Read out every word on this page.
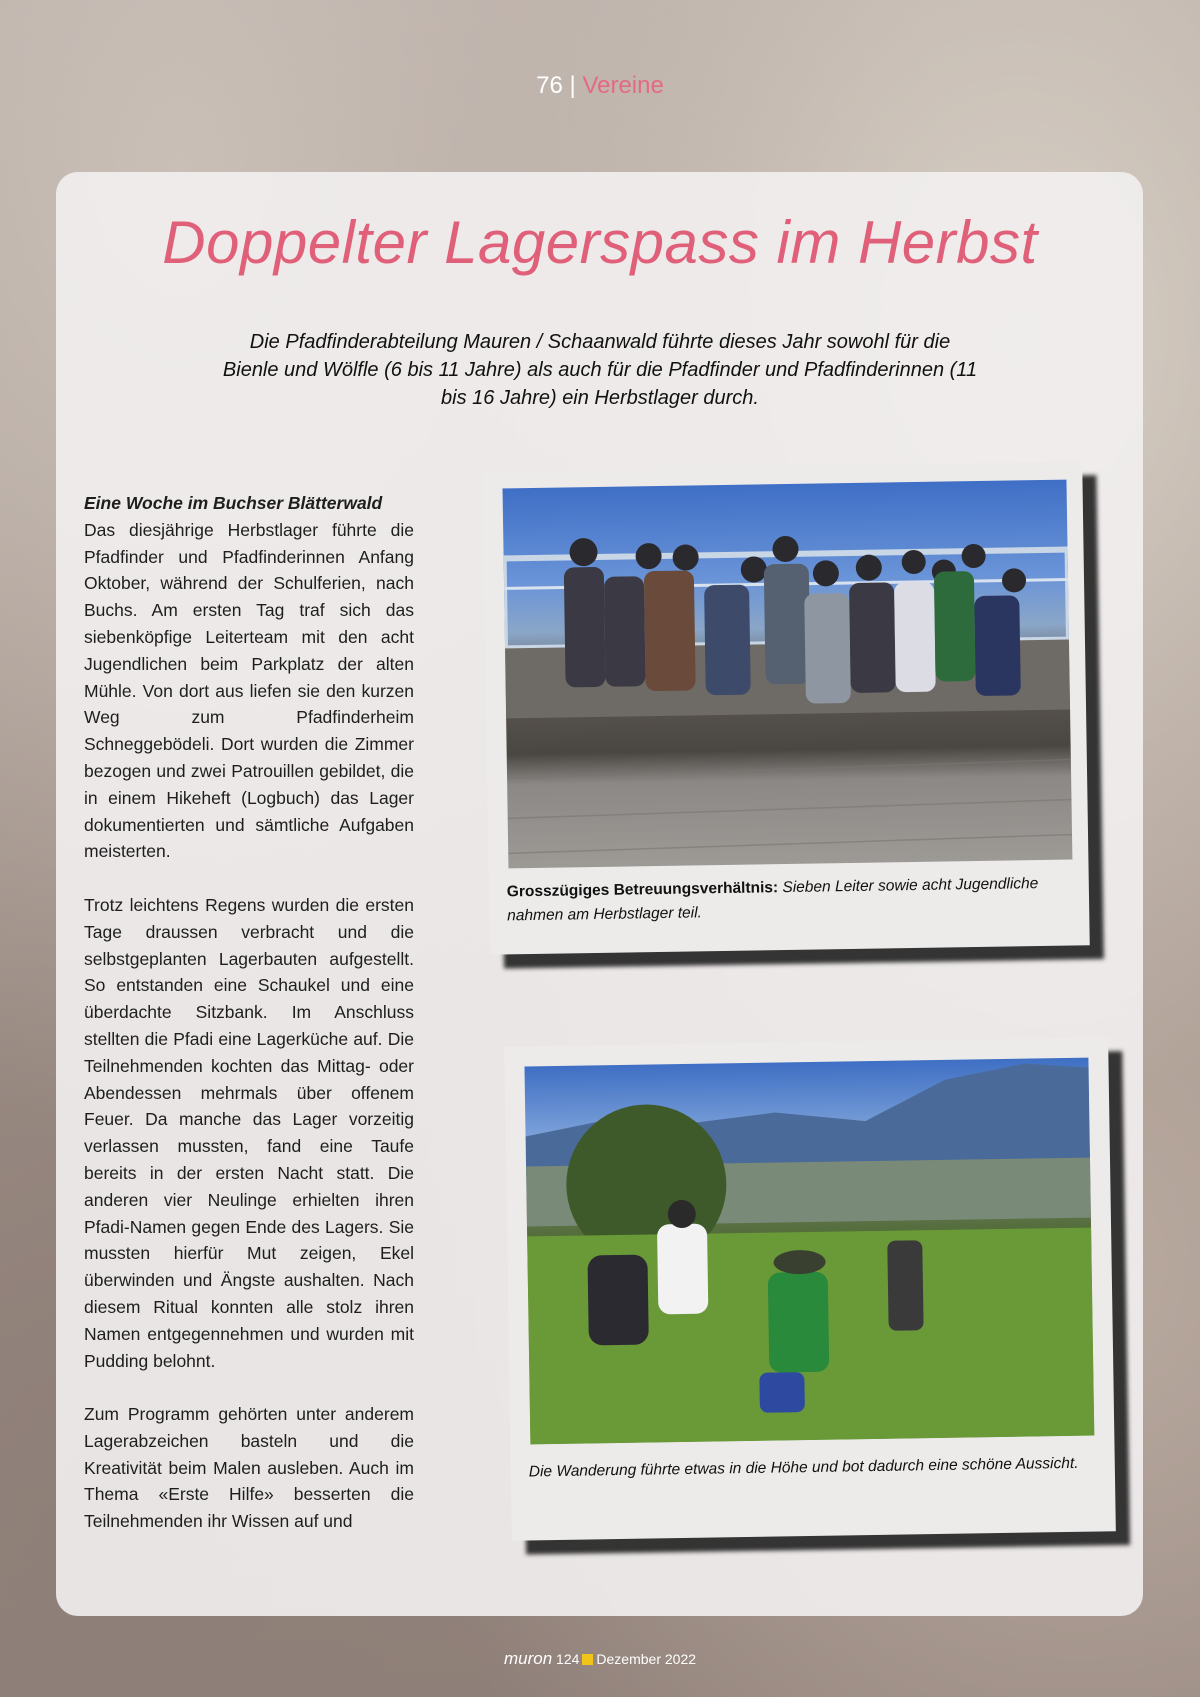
76 | Vereine
Doppelter Lagerspass im Herbst
Die Pfadfinderabteilung Mauren / Schaanwald führte dieses Jahr sowohl für die Bienle und Wölfle (6 bis 11 Jahre) als auch für die Pfadfinder und Pfadfinderinnen (11 bis 16 Jahre) ein Herbstlager durch.
Eine Woche im Buchser Blätterwald

Das diesjährige Herbstlager führte die Pfadfinder und Pfadfinderinnen Anfang Oktober, während der Schulferien, nach Buchs. Am ersten Tag traf sich das siebenköpfige Leiterteam mit den acht Jugendlichen beim Parkplatz der alten Mühle. Von dort aus liefen sie den kurzen Weg zum Pfadfinderheim Schneggebödeli. Dort wurden die Zimmer bezogen und zwei Patrouillen gebildet, die in einem Hikeheft (Logbuch) das Lager dokumentierten und sämtliche Aufgaben meisterten.

Trotz leichtens Regens wurden die ersten Tage draussen verbracht und die selbstgeplanten Lagerbauten aufgestellt. So entstanden eine Schaukel und eine überdachte Sitzbank. Im Anschluss stellten die Pfadi eine Lagerküche auf. Die Teilnehmenden kochten das Mittag- oder Abendessen mehrmals über offenem Feuer. Da manche das Lager vorzeitig verlassen mussten, fand eine Taufe bereits in der ersten Nacht statt. Die anderen vier Neulinge erhielten ihren Pfadi-Namen gegen Ende des Lagers. Sie mussten hierfür Mut zeigen, Ekel überwinden und Ängste aushalten. Nach diesem Ritual konnten alle stolz ihren Namen entgegennehmen und wurden mit Pudding belohnt.

Zum Programm gehörten unter anderem Lagerabzeichen basteln und die Kreativität beim Malen ausleben. Auch im Thema «Erste Hilfe» besserten die Teilnehmenden ihr Wissen auf und

Grosszügiges Betreuungsverhältnis: Sieben Leiter sowie acht Jugendliche nahmen am Herbstlager teil.
Die Wanderung führte etwas in die Höhe und bot dadurch eine schöne Aussicht.
muron 124 Dezember 2022
